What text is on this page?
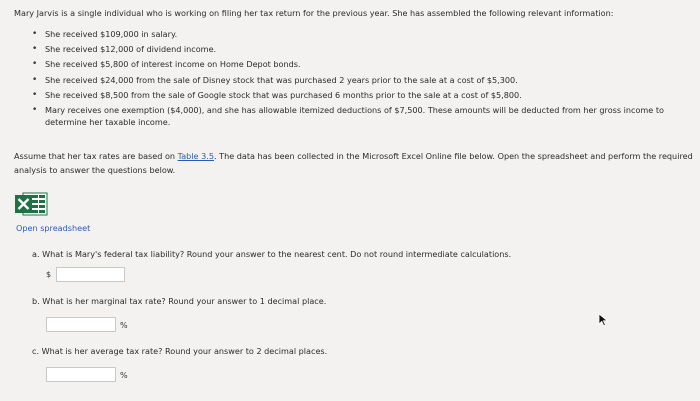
Mary Jarvis is a single individual who is working on filing her tax return for the previous year. She has assembled the following relevant information:
• She received $109,000 in salary.
• She received $12,000 of dividend income.
• She received $5,800 of interest income on Home Depot bonds.
• She received $24,000 from the sale of Disney stock that was purchased 2 years prior to the sale at a cost of $5,300.
• She received $8,500 from the sale of Google stock that was purchased 6 months prior to the sale at a cost of $5,800.
• Mary receives one exemption ($4,000), and she has allowable itemized deductions of $7,500. These amounts will be deducted from her gross income to determine her taxable income.
Assume that her tax rates are based on Table 3.5. The data has been collected in the Microsoft Excel Online file below. Open the spreadsheet and perform the required analysis to answer the questions below.
Open spreadsheet
a. What is Mary's federal tax liability? Round your answer to the nearest cent. Do not round intermediate calculations.
$
b. What is her marginal tax rate? Round your answer to 1 decimal place.
%
c. What is her average tax rate? Round your answer to 2 decimal places.
%
